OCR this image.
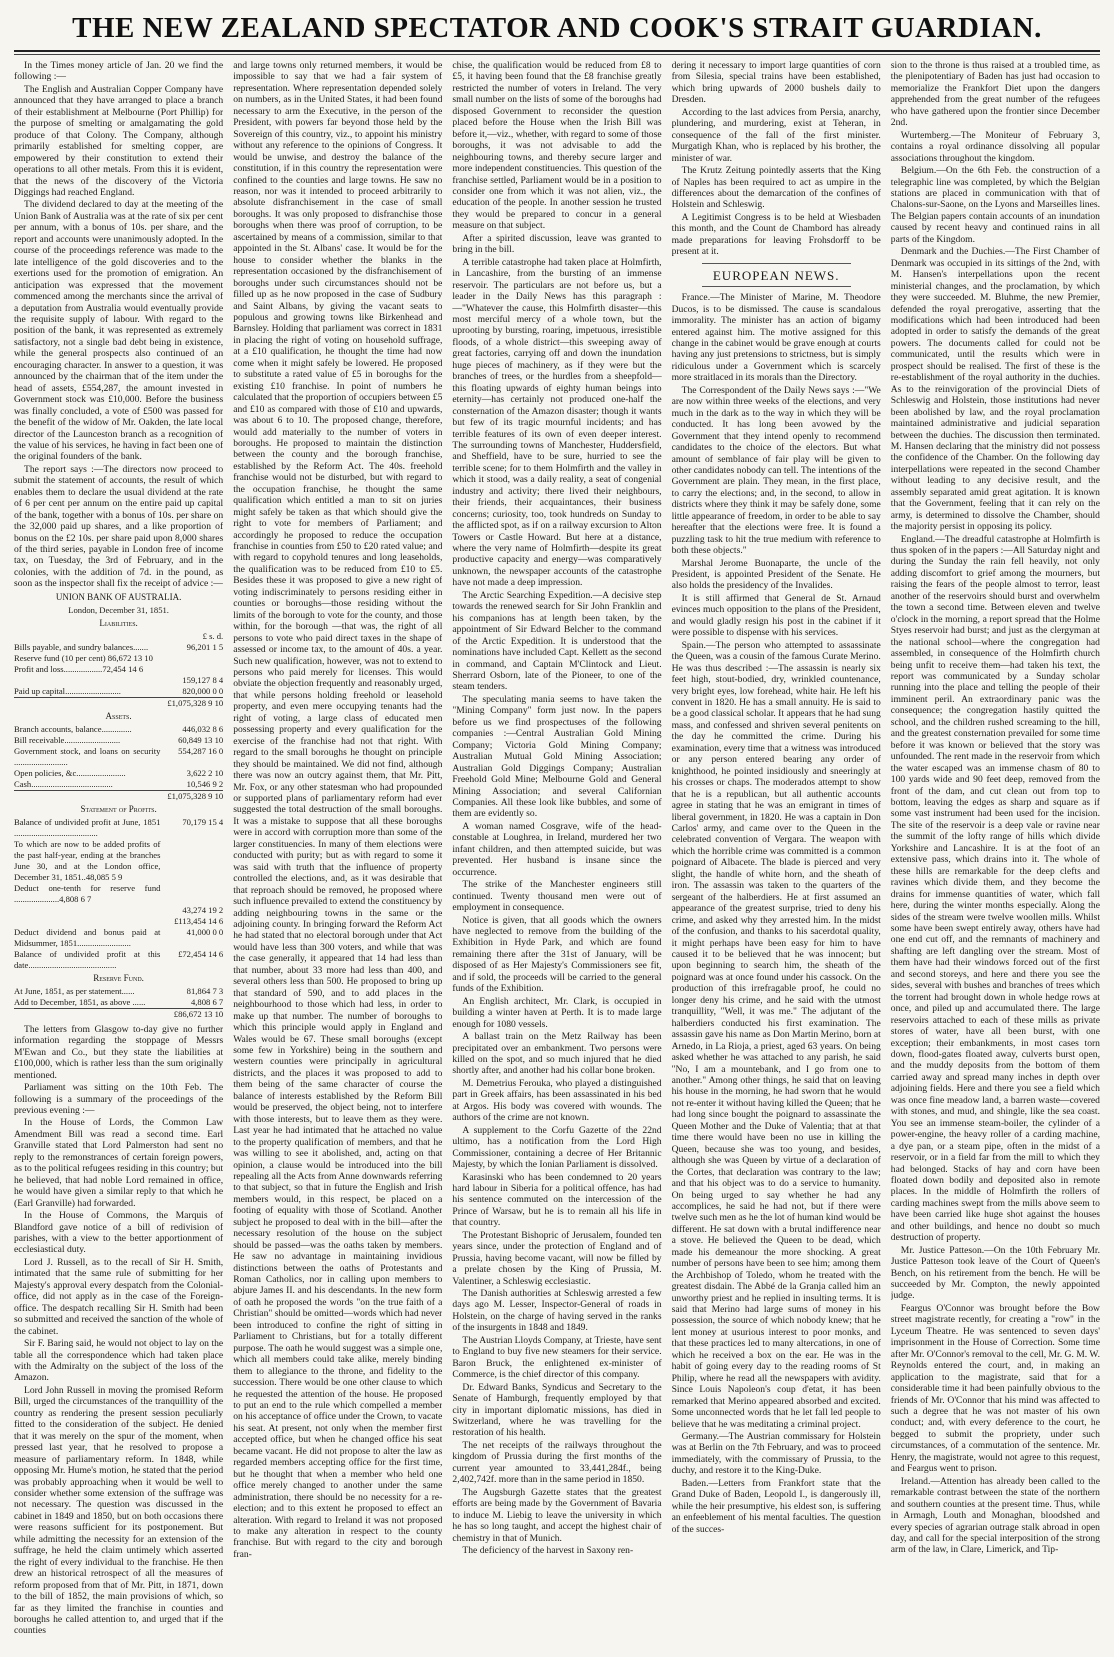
THE NEW ZEALAND SPECTATOR AND COOK'S STRAIT GUARDIAN.

In the Times money article of Jan. 20 we find the following :—

The English and Australian Copper Company have announced that they have arranged to place a branch of their establishment at Melbourne (Port Phillip) for the purpose of smelting or amalgamating the gold produce of that Colony. The Company, although primarily established for smelting copper, are empowered by their constitution to extend their operations to all other metals. From this it is evident, that the news of the discovery of the Victoria Diggings had reached England.

The dividend declared to day at the meeting of the Union Bank of Australia was at the rate of six per cent per annum, with a bonus of 10s. per share, and the report and accounts were unanimously adopted. In the course of the proceedings reference was made to the late intelligence of the gold discoveries and to the exertions used for the promotion of emigration. An anticipation was expressed that the movement commenced among the merchants since the arrival of a deputation from Australia would eventually provide the requisite supply of labour. With regard to the position of the bank, it was represented as extremely satisfactory, not a single bad debt being in existence, while the general prospects also continued of an encouraging character. In answer to a question, it was announced by the chairman that of the item under the head of assets, £554,287, the amount invested in Government stock was £10,000. Before the business was finally concluded, a vote of £500 was passed for the benefit of the widow of Mr. Oakden, the late local director of the Launceston branch as a recognition of the value of his services, he having in fact been one of the original founders of the bank.

The report says :—The directors now proceed to submit the statement of accounts, the result of which enables them to declare the usual dividend at the rate of 6 per cent per annum on the entire paid up capital of the bank, together with a bonus of 10s. per share on the 32,000 paid up shares, and a like proportion of bonus on the £2 10s. per share paid upon 8,000 shares of the third series, payable in London free of income tax, on Tuesday, the 3rd of February, and in the colonies, with the addition of 7d. in the pound, as soon as the inspector shall fix the receipt of advice :—

UNION BANK OF AUSTRALIA.
London, December 31, 1851.
Liabilities.
£ s. d.
Bills payable, and sundry balances.......	96,201 1 5
Reserve fund (10 per cent) 86,672 13 10	
Profit and loss..................72,454 14 6	
	159,127 8 4
Paid up capital..........................	820,000 0 0
	£1,075,328 9 10
Assets.
Branch accounts, balance..............	446,032 8 6
Bill receivable..........................	60,849 13 10
Government stock, and loans on security .........................	554,287 16 0
Open policies, &c.......................	3,622 2 10
Cash......................................	10,546 9 2
	£1,075,328 9 10
Statement of Profits.
Balance of undivided profit at June, 1851 .......................................	70,179 15 4
To which are now to be added profits of the past half-year, ending at the branches June 30, and at the London office, December 31, 1851..48,085 5 9	
Deduct one-tenth for reserve fund .....................4,808 6 7	
	43,274 19 2
	£113,454 14 6
Deduct dividend and bonus paid at Midsummer, 1851.........................	41,000 0 0
Balance of undivided profit at this date.........................................	£72,454 14 6
Reserve Fund.
At June, 1851, as per statement......	81,864 7 3
Add to December, 1851, as above ......	4,808 6 7
	£86,672 13 10

The letters from Glasgow to-day give no further information regarding the stoppage of Messrs M'Ewan and Co., but they state the liabilities at £100,000, which is rather less than the sum originally mentioned.

Parliament was sitting on the 10th Feb. The following is a summary of the proceedings of the previous evening :—

In the House of Lords, the Common Law Amendment Bill was read a second time. Earl Granville stated that Lord Palmerston had sent no reply to the remonstrances of certain foreign powers, as to the political refugees residing in this country; but he believed, that had noble Lord remained in office, he would have given a similar reply to that which he (Earl Granville) had forwarded.

In the House of Commons, the Marquis of Blandford gave notice of a bill of redivision of parishes, with a view to the better apportionment of ecclesiastical duty.

Lord J. Russell, as to the recall of Sir H. Smith, intimated that the same rule of submitting for her Majesty's approval every despatch from the Colonial-office, did not apply as in the case of the Foreign-office. The despatch recalling Sir H. Smith had been so submitted and received the sanction of the whole of the cabinet.

Sir F. Baring said, he would not object to lay on the table all the correspondence which had taken place with the Admiralty on the subject of the loss of the Amazon.

Lord John Russell in moving the promised Reform Bill, urged the circumstances of the tranquillity of the country as rendering the present session peculiarly fitted to the consideration of the subject. He denied that it was merely on the spur of the moment, when pressed last year, that he resolved to propose a measure of parliamentary reform. In 1848, while opposing Mr. Hume's motion, he stated that the period was probably approaching when it would be well to consider whether some extension of the suffrage was not necessary. The question was discussed in the cabinet in 1849 and 1850, but on both occasions there were reasons sufficient for its postponement. But while admitting the necessity for an extension of the suffrage, he held the claim untimely which asserted the right of every individual to the franchise. He then drew an historical retrospect of all the measures of reform proposed from that of Mr. Pitt, in 1871, down to the bill of 1852, the main provisions of which, so far as they limited the franchise in counties and boroughs he called attention to, and urged that if the counties

and large towns only returned members, it would be impossible to say that we had a fair system of representation. Where representation depended solely on numbers, as in the United States, it had been found necessary to arm the Executive, in the person of the President, with powers far beyond those held by the Sovereign of this country, viz., to appoint his ministry without any reference to the opinions of Congress. It would be unwise, and destroy the balance of the constitution, if in this country the representation were confined to the counties and large towns. He saw no reason, nor was it intended to proceed arbitrarily to absolute disfranchisement in the case of small boroughs. It was only proposed to disfranchise those boroughs when there was proof of corruption, to be ascertained by means of a commission, similar to that appointed in the St. Albans' case. It would be for the house to consider whether the blanks in the representation occasioned by the disfranchisement of boroughs under such circumstances should not be filled up as he now proposed in the case of Sudbury and Saint Albans, by giving the vacant seats to populous and growing towns like Birkenhead and Barnsley. Holding that parliament was correct in 1831 in placing the right of voting on household suffrage, at a £10 qualification, he thought the time had now come when it might safely be lowered. He proposed to substitute a rated value of £5 in boroughs for the existing £10 franchise. In point of numbers he calculated that the proportion of occupiers between £5 and £10 as compared with those of £10 and upwards, was about 6 to 10. The proposed change, therefore, would add materially to the number of voters in boroughs. He proposed to maintain the distinction between the county and the borough franchise, established by the Reform Act. The 40s. freehold franchise would not be disturbed, but with regard to the occupation franchise, he thought the same qualification which entitled a man to sit on juries might safely be taken as that which should give the right to vote for members of Parliament; and accordingly he proposed to reduce the occupation franchise in counties from £50 to £20 rated value; and with regard to copyhold tenures and long leaseholds, the qualification was to be reduced from £10 to £5. Besides these it was proposed to give a new right of voting indiscriminately to persons residing either in counties or boroughs—those residing without the limits of the borough to vote for the county, and those within, for the borough —that was, the right of all persons to vote who paid direct taxes in the shape of assessed or income tax, to the amount of 40s. a year. Such new qualification, however, was not to extend to persons who paid merely for licenses. This would obviate the objection frequently and reasonably urged, that while persons holding freehold or leasehold property, and even mere occupying tenants had the right of voting, a large class of educated men possessing property and every qualification for the exercise of the franchise had not that right. With regard to the small boroughs he thought on principle they should be maintained. We did not find, although there was now an outcry against them, that Mr. Pitt, Mr. Fox, or any other statesman who had propounded or supported plans of parliamentary reform had ever suggested the total destruction of the small boroughs. It was a mistake to suppose that all these boroughs were in accord with corruption more than some of the larger constituencies. In many of them elections were conducted with purity; but as with regard to some it was said with truth that the influence of property controlled the elections, and, as it was desirable that that reproach should be removed, he proposed where such influence prevailed to extend the constituency by adding neighbouring towns in the same or the adjoining county. In bringing forward the Reform Act he had stated that no electoral borough under that Act would have less than 300 voters, and while that was the case generally, it appeared that 14 had less than that number, about 33 more had less than 400, and several others less than 500. He proposed to bring up that standard of 590, and to add places in the neighbourhood to those which had less, in order to make up that number. The number of boroughs to which this principle would apply in England and Wales would be 67. These small boroughs (except some few in Yorkshire) being in the southern and western counties were principally in agricultural districts, and the places it was proposed to add to them being of the same character of course the balance of interests established by the Reform Bill would be preserved, the object being, not to interfere with those interests, but to leave them as they were. Last year he had intimated that he attached no value to the property qualification of members, and that he was willing to see it abolished, and, acting on that opinion, a clause would be introduced into the bill repealing all the Acts from Anne downwards referring to that subject, so that in future the English and Irish members would, in this respect, be placed on a footing of equality with those of Scotland. Another subject he proposed to deal with in the bill—after the necessary resolution of the house on the subject should be passed—was the oaths taken by members. He saw no advantage in maintaining invidious distinctions between the oaths of Protestants and Roman Catholics, nor in calling upon members to abjure James II. and his descendants. In the new form of oath he proposed the words "on the true faith of a Christian" should be omitted—words which had never been introduced to confine the right of sitting in Parliament to Christians, but for a totally different purpose. The oath he would suggest was a simple one, which all members could take alike, merely binding them to allegiance to the throne, and fidelity to the succession. There would be one other clause to which he requested the attention of the house. He proposed to put an end to the rule which compelled a member on his acceptance of office under the Crown, to vacate his seat. At present, not only when the member first accepted office, but when he changed office his seat became vacant. He did not propose to alter the law as regarded members accepting office for the first time, but he thought that when a member who held one office merely changed to another under the same administration, there should be no necessity for a re-election; and to this extent he proposed to effect an alteration. With regard to Ireland it was not proposed to make any alteration in respect to the county franchise. But with regard to the city and borough fran-

chise, the qualification would be reduced from £8 to £5, it having been found that the £8 franchise greatly restricted the number of voters in Ireland. The very small number on the lists of some of the boroughs had disposed Government to reconsider the question placed before the House when the Irish Bill was before it,—viz., whether, with regard to some of those boroughs, it was not advisable to add the neighbouring towns, and thereby secure larger and more independent constituencies. This question of the franchise settled, Parliament would be in a position to consider one from which it was not alien, viz., the education of the people. In another session he trusted they would be prepared to concur in a general measure on that subject.

After a spirited discussion, leave was granted to bring in the bill.

A terrible catastrophe had taken place at Holmfirth, in Lancashire, from the bursting of an immense reservoir. The particulars are not before us, but a leader in the Daily News has this paragraph :—"Whatever the cause, this Holmfirth disaster—this most merciful mercy of a whole town, but the uprooting by bursting, roaring, impetuous, irresistible floods, of a whole district—this sweeping away of great factories, carrying off and down the inundation huge pieces of machinery, as if they were but the branches of trees, or the hurdles from a sheepfold—this floating upwards of eighty human beings into eternity—has certainly not produced one-half the consternation of the Amazon disaster; though it wants but few of its tragic mournful incidents; and has terrible features of its own of even deeper interest. The surrounding towns of Manchester, Huddersfield, and Sheffield, have to be sure, hurried to see the terrible scene; for to them Holmfirth and the valley in which it stood, was a daily reality, a seat of congenial industry and activity; there lived their neighbours, their friends, their acquaintances, their business concerns; curiosity, too, took hundreds on Sunday to the afflicted spot, as if on a railway excursion to Alton Towers or Castle Howard. But here at a distance, where the very name of Holmfirth—despite its great productive capacity and energy—was comparatively unknown, the newspaper accounts of the catastrophe have not made a deep impression.

The Arctic Searching Expedition.—A decisive step towards the renewed search for Sir John Franklin and his companions has at length been taken, by the appointment of Sir Edward Belcher to the command of the Arctic Expedition. It is understood that the nominations have included Capt. Kellett as the second in command, and Captain M'Clintock and Lieut. Sherrard Osborn, late of the Pioneer, to one of the steam tenders.

The speculating mania seems to have taken the "Mining Company" form just now. In the papers before us we find prospectuses of the following companies :—Central Australian Gold Mining Company; Victoria Gold Mining Company; Australian Mutual Gold Mining Association; Australian Gold Diggings Company; Australian Freehold Gold Mine; Melbourne Gold and General Mining Association; and several Californian Companies. All these look like bubbles, and some of them are evidently so.

A woman named Cosgrave, wife of the head-constable at Loughrea, in Ireland, murdered her two infant children, and then attempted suicide, but was prevented. Her husband is insane since the occurrence.

The strike of the Manchester engineers still continued. Twenty thousand men were out of employment in consequence.

Notice is given, that all goods which the owners have neglected to remove from the building of the Exhibition in Hyde Park, and which are found remaining there after the 31st of January, will be disposed of as Her Majesty's Commissioners see fit, and if sold, the proceeds will be carried to the general funds of the Exhibition.

An English architect, Mr. Clark, is occupied in building a winter haven at Perth. It is to made large enough for 1080 vessels.

A ballast train on the Metz Railway has been precipitated over an embankment. Two persons were killed on the spot, and so much injured that he died shortly after, and another had his collar bone broken.

M. Demetrius Ferouka, who played a distinguished part in Greek affairs, has been assassinated in his bed at Argos. His body was covered with wounds. The authors of the crime are not known.

A supplement to the Corfu Gazette of the 22nd ultimo, has a notification from the Lord High Commissioner, containing a decree of Her Britannic Majesty, by which the Ionian Parliament is dissolved.

Karasinski who has been condemned to 20 years hard labour in Siberia for a political offence, has had his sentence commuted on the intercession of the Prince of Warsaw, but he is to remain all his life in that country.

The Protestant Bishopric of Jerusalem, founded ten years since, under the protection of England and of Prussia, having become vacant, will now be filled by a prelate chosen by the King of Prussia, M. Valentiner, a Schleswig ecclesiastic.

The Danish authorities at Schleswig arrested a few days ago M. Lesser, Inspector-General of roads in Holstein, on the charge of having served in the ranks of the insurgents in 1848 and 1849.

The Austrian Lloyds Company, at Trieste, have sent to England to buy five new steamers for their service. Baron Bruck, the enlightened ex-minister of Commerce, is the chief director of this company.

Dr. Edward Banks, Syndicus and Secretary to the Senate of Hamburgh, frequently employed by that city in important diplomatic missions, has died in Switzerland, where he was travelling for the restoration of his health.

The net receipts of the railways throughout the kingdom of Prussia during the first months of the current year amounted to 33,441,284f., being 2,402,742f. more than in the same period in 1850.

The Augsburgh Gazette states that the greatest efforts are being made by the Government of Bavaria to induce M. Liebig to leave the university in which he has so long taught, and accept the highest chair of chemistry in that of Munich.

The deficiency of the harvest in Saxony ren-

dering it necessary to import large quantities of corn from Silesia, special trains have been established, which bring upwards of 2000 bushels daily to Dresden.

According to the last advices from Persia, anarchy, plundering, and murdering, exist at Teheran, in consequence of the fall of the first minister. Murgatigh Khan, who is replaced by his brother, the minister of war.

The Krutz Zeitung pointedly asserts that the King of Naples has been required to act as umpire in the differences about the demarcation of the confines of Holstein and Schleswig.

A Legitimist Congress is to be held at Wiesbaden this month, and the Count de Chambord has already made preparations for leaving Frohsdorff to be present at it.

EUROPEAN NEWS.

France.—The Minister of Marine, M. Theodore Ducos, is to be dismissed. The cause is scandalous immorality. The minister has an action of bigamy entered against him. The motive assigned for this change in the cabinet would be grave enough at courts having any just pretensions to strictness, but is simply ridiculous under a Government which is scarcely more straitlaced in its morals than the Directory.

The Correspondent of the Daily News says :—"We are now within three weeks of the elections, and very much in the dark as to the way in which they will be conducted. It has long been avowed by the Government that they intend openly to recommend candidates to the choice of the electors. But what amount of semblance of fair play will be given to other candidates nobody can tell. The intentions of the Government are plain. They mean, in the first place, to carry the elections; and, in the second, to allow in districts where they think it may be safely done, some little appearance of freedom, in order to be able to say hereafter that the elections were free. It is found a puzzling task to hit the true medium with reference to both these objects."

Marshal Jerome Buonaparte, the uncle of the President, is appointed President of the Senate. He also holds the presidency of the Invalides.

It is still affirmed that General de St. Arnaud evinces much opposition to the plans of the President, and would gladly resign his post in the cabinet if it were possible to dispense with his services.

Spain.—The person who attempted to assassinate the Queen, was a cousin of the famous Curate Merino. He was thus described :—The assassin is nearly six feet high, stout-bodied, dry, wrinkled countenance, very bright eyes, low forehead, white hair. He left his convent in 1820. He has a small annuity. He is said to be a good classical scholar. It appears that he had sung mass, and confessed and shriven several penitents on the day he committed the crime. During his examination, every time that a witness was introduced or any person entered bearing any order of knighthood, he pointed insidiously and sneeringly at his crosses or chaps. The moderados attempt to show that he is a republican, but all authentic accounts agree in stating that he was an emigrant in times of liberal government, in 1820. He was a captain in Don Carlos' army, and came over to the Queen in the celebrated convention of Vergara. The weapon with which the horrible crime was committed is a common poignard of Albacete. The blade is pierced and very slight, the handle of white horn, and the sheath of iron. The assassin was taken to the quarters of the sergeant of the halberdiers. He at first assumed an appearance of the greatest surprise, tried to deny his crime, and asked why they arrested him. In the midst of the confusion, and thanks to his sacerdotal quality, it might perhaps have been easy for him to have caused it to be believed that he was innocent; but upon beginning to search him, the sheath of the poignard was at once found under his cassock. On the production of this irrefragable proof, he could no longer deny his crime, and he said with the utmost tranquillity, "Well, it was me." The adjutant of the halberdiers conducted his first examination. The assassin gave his name as Don Martin Merino, born at Arnedo, in La Rioja, a priest, aged 63 years. On being asked whether he was attached to any parish, he said "No, I am a mountebank, and I go from one to another." Among other things, he said that on leaving his house in the morning, he had sworn that he would not re-enter it without having killed the Queen; that he had long since bought the poignard to assassinate the Queen Mother and the Duke of Valentia; that at that time there would have been no use in killing the Queen, because she was too young, and besides, although she was Queen by virtue of a declaration of the Cortes, that declaration was contrary to the law; and that his object was to do a service to humanity. On being urged to say whether he had any accomplices, he said he had not, but if there were twelve such men as he the lot of human kind would be different. He sat down with a brutal indifference near a stove. He believed the Queen to be dead, which made his demeanour the more shocking. A great number of persons have been to see him; among them the Archbishop of Toledo, whom he treated with the greatest disdain. The Abbé de la Granja called him an unworthy priest and he replied in insulting terms. It is said that Merino had large sums of money in his possession, the source of which nobody knew; that he lent money at usurious interest to poor monks, and that these practices led to many altercations, in one of which he received a box on the ear. He was in the habit of going every day to the reading rooms of St Philip, where he read all the newspapers with avidity. Since Louis Napoleon's coup d'etat, it has been remarked that Merino appeared absorbed and excited. Some unconnected words that he let fall led people to believe that he was meditating a criminal project.

Germany.—The Austrian commissary for Holstein was at Berlin on the 7th February, and was to proceed immediately, with the commissary of Prussia, to the duchy, and restore it to the King-Duke.

Baden.—Letters from Frankfort state that the Grand Duke of Baden, Leopold I., is dangerously ill, while the heir presumptive, his eldest son, is suffering an enfeeblement of his mental faculties. The question of the succes-

sion to the throne is thus raised at a troubled time, as the plenipotentiary of Baden has just had occasion to memorialize the Frankfort Diet upon the dangers apprehended from the great number of the refugees who have gathered upon the frontier since December 2nd.

Wurtemberg.—The Moniteur of February 3, contains a royal ordinance dissolving all popular associations throughout the kingdom.

Belgium.—On the 6th Feb. the construction of a telegraphic line was completed, by which the Belgian stations are placed in communication with that of Chalons-sur-Saone, on the Lyons and Marseilles lines. The Belgian papers contain accounts of an inundation caused by recent heavy and continued rains in all parts of the Kingdom.

Denmark and the Duchies.—The First Chamber of Denmark was occupied in its sittings of the 2nd, with M. Hansen's interpellations upon the recent ministerial changes, and the proclamation, by which they were succeeded. M. Bluhme, the new Premier, defended the royal prerogative, asserting that the modifications which had been introduced had been adopted in order to satisfy the demands of the great powers. The documents called for could not be communicated, until the results which were in prospect should be realised. The first of these is the re-establishment of the royal authority in the duchies. As to the reinvigoration of the provincial Diets of Schleswig and Holstein, those institutions had never been abolished by law, and the royal proclamation maintained administrative and judicial separation between the duchies. The discussion then terminated. M. Hansen declaring that the ministry did not possess the confidence of the Chamber. On the following day interpellations were repeated in the second Chamber without leading to any decisive result, and the assembly separated amid great agitation. It is known that the Government, feeling that it can rely on the army, is determined to dissolve the Chamber, should the majority persist in opposing its policy.

England.—The dreadful catastrophe at Holmfirth is thus spoken of in the papers :—All Saturday night and during the Sunday the rain fell heavily, not only adding discomfort to grief among the mourners, but raising the fears of the people almost to terror, least another of the reservoirs should burst and overwhelm the town a second time. Between eleven and twelve o'clock in the morning, a report spread that the Holme Styes reservoir had burst; and just as the clergyman at the national school—where the congregation had assembled, in consequence of the Holmfirth church being unfit to receive them—had taken his text, the report was communicated by a Sunday scholar running into the place and telling the people of their imminent peril. An extraordinary panic was the consequence; the congregation hastily quitted the school, and the children rushed screaming to the hill, and the greatest consternation prevailed for some time before it was known or believed that the story was unfounded. The rent made in the reservoir from which the water escaped was an immense chasm of 80 to 100 yards wide and 90 feet deep, removed from the front of the dam, and cut clean out from top to bottom, leaving the edges as sharp and square as if some vast instrument had been used for the incision. The site of the reservoir is a deep vale or ravine near the summit of the lofty range of hills which divide Yorkshire and Lancashire. It is at the foot of an extensive pass, which drains into it. The whole of these hills are remarkable for the deep clefts and ravines which divide them, and they become the drains for immense quantities of water, which fall here, during the winter months especially. Along the sides of the stream were twelve woollen mills. Whilst some have been swept entirely away, others have had one end cut off, and the remnants of machinery and shafting are left dangling over the stream. Most of them have had their windows forced out of the first and second storeys, and here and there you see the sides, several with bushes and branches of trees which the torrent had brought down in whole hedge rows at once, and piled up and accumulated there. The large reservoirs attached to each of these mills as private stores of water, have all been burst, with one exception; their embankments, in most cases torn down, flood-gates floated away, culverts burst open, and the muddy deposits from the bottom of them carried away and spread many inches in depth over adjoining fields. Here and there you see a field which was once fine meadow land, a barren waste—covered with stones, and mud, and shingle, like the sea coast. You see an immense steam-boiler, the cylinder of a power-engine, the heavy roller of a carding machine, a dye pan, or a steam pipe, often in the midst of a reservoir, or in a field far from the mill to which they had belonged. Stacks of hay and corn have been floated down bodily and deposited also in remote places. In the middle of Holmfirth the rollers of carding machines swept from the mills above seem to have been carried like huge shot against the houses and other buildings, and hence no doubt so much destruction of property.

Mr. Justice Patteson.—On the 10th February Mr. Justice Patteson took leave of the Court of Queen's Bench, on his retirement from the bench. He will be succeeded by Mr. Compton, the newly appointed judge.

Feargus O'Connor was brought before the Bow street magistrate recently, for creating a "row" in the Lyceum Theatre. He was sentenced to seven days' imprisonment in the House of Correction. Some time after Mr. O'Connor's removal to the cell, Mr. G. M. W. Reynolds entered the court, and, in making an application to the magistrate, said that for a considerable time it had been painfully obvious to the friends of Mr. O'Connor that his mind was affected to such a degree that he was not master of his own conduct; and, with every deference to the court, he begged to submit the propriety, under such circumstances, of a commutation of the sentence. Mr. Henry, the magistrate, would not agree to this request, and Feargus went to prison.

Ireland.—Attention has already been called to the remarkable contrast between the state of the northern and southern counties at the present time. Thus, while in Armagh, Louth and Monaghan, bloodshed and every species of agrarian outrage stalk abroad in open day, and call for the special interposition of the strong arm of the law, in Clare, Limerick, and Tip-
